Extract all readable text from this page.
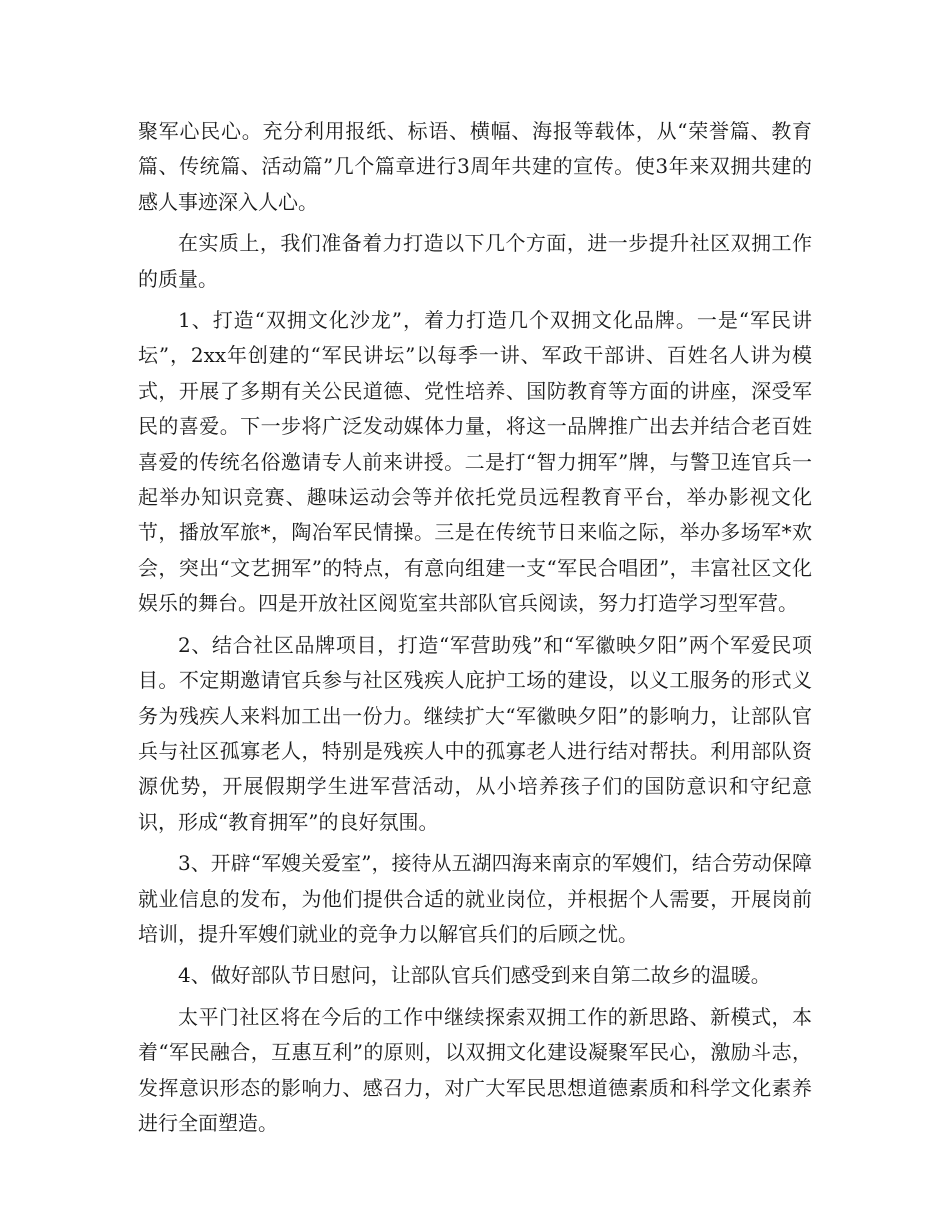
聚军心民心。充分利用报纸、标语、横幅、海报等载体，从“荣誉篇、教育篇、传统篇、活动篇”几个篇章进行3周年共建的宣传。使3年来双拥共建的感人事迹深入人心。

在实质上，我们准备着力打造以下几个方面，进一步提升社区双拥工作的质量。

1、打造“双拥文化沙龙”，着力打造几个双拥文化品牌。一是“军民讲坛”，2xx年创建的“军民讲坛”以每季一讲、军政干部讲、百姓名人讲为模式，开展了多期有关公民道德、党性培养、国防教育等方面的讲座，深受军民的喜爱。下一步将广泛发动媒体力量，将这一品牌推广出去并结合老百姓喜爱的传统名俗邀请专人前来讲授。二是打“智力拥军”牌，与警卫连官兵一起举办知识竞赛、趣味运动会等并依托党员远程教育平台，举办影视文化节，播放军旅*，陶冶军民情操。三是在传统节日来临之际，举办多场军*欢会，突出“文艺拥军”的特点，有意向组建一支“军民合唱团”，丰富社区文化娱乐的舞台。四是开放社区阅览室共部队官兵阅读，努力打造学习型军营。

2、结合社区品牌项目，打造“军营助残”和“军徽映夕阳”两个军爱民项目。不定期邀请官兵参与社区残疾人庇护工场的建设，以义工服务的形式义务为残疾人来料加工出一份力。继续扩大“军徽映夕阳”的影响力，让部队官兵与社区孤寡老人，特别是残疾人中的孤寡老人进行结对帮扶。利用部队资源优势，开展假期学生进军营活动，从小培养孩子们的国防意识和守纪意识，形成“教育拥军”的良好氛围。

3、开辟“军嫂关爱室”，接待从五湖四海来南京的军嫂们，结合劳动保障就业信息的发布，为他们提供合适的就业岗位，并根据个人需要，开展岗前培训，提升军嫂们就业的竞争力以解官兵们的后顾之忧。

4、做好部队节日慰问，让部队官兵们感受到来自第二故乡的温暖。

太平门社区将在今后的工作中继续探索双拥工作的新思路、新模式，本着“军民融合，互惠互利”的原则，以双拥文化建设凝聚军民心，激励斗志，发挥意识形态的影响力、感召力，对广大军民思想道德素质和科学文化素养进行全面塑造。
